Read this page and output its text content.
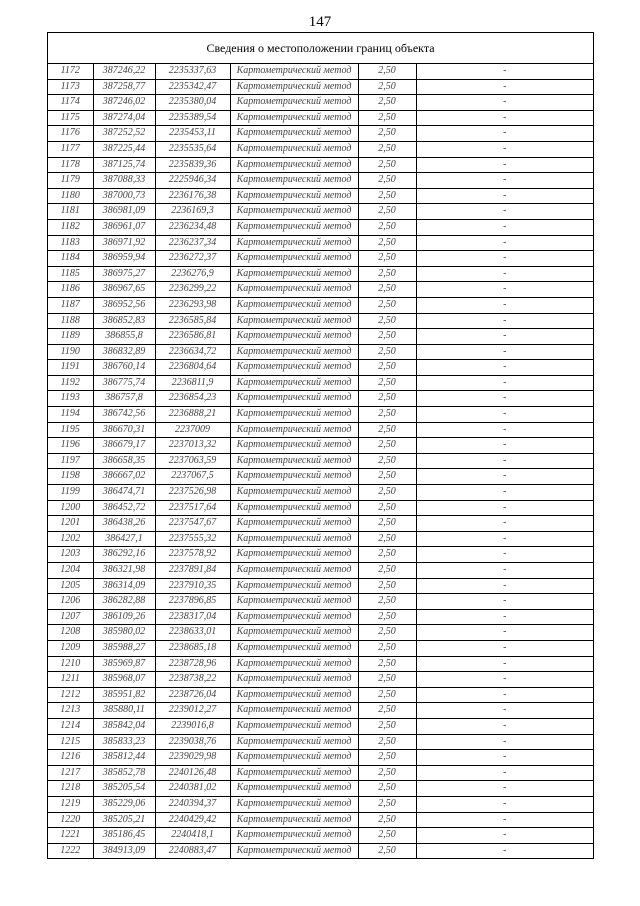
147
Сведения о местоположении границ объекта
1172	387246,22	2235337,63	Картометрический метод	2,50	-
1173	387258,77	2235342,47	Картометрический метод	2,50	-
1174	387246,02	2235380,04	Картометрический метод	2,50	-
1175	387274,04	2235389,54	Картометрический метод	2,50	-
1176	387252,52	2235453,11	Картометрический метод	2,50	-
1177	387225,44	2235535,64	Картометрический метод	2,50	-
1178	387125,74	2235839,36	Картометрический метод	2,50	-
1179	387088,33	2225946,34	Картометрический метод	2,50	-
1180	387000,73	2236176,38	Картометрический метод	2,50	-
1181	386981,09	2236169,3	Картометрический метод	2,50	-
1182	386961,07	2236234,48	Картометрический метод	2,50	-
1183	386971,92	2236237,34	Картометрический метод	2,50	-
1184	386959,94	2236272,37	Картометрический метод	2,50	-
1185	386975,27	2236276,9	Картометрический метод	2,50	-
1186	386967,65	2236299,22	Картометрический метод	2,50	-
1187	386952,56	2236293,98	Картометрический метод	2,50	-
1188	386852,83	2236585,84	Картометрический метод	2,50	-
1189	386855,8	2236586,81	Картометрический метод	2,50	-
1190	386832,89	2236634,72	Картометрический метод	2,50	-
1191	386760,14	2236804,64	Картометрический метод	2,50	-
1192	386775,74	2236811,9	Картометрический метод	2,50	-
1193	386757,8	2236854,23	Картометрический метод	2,50	-
1194	386742,56	2236888,21	Картометрический метод	2,50	-
1195	386670,31	2237009	Картометрический метод	2,50	-
1196	386679,17	2237013,32	Картометрический метод	2,50	-
1197	386658,35	2237063,59	Картометрический метод	2,50	-
1198	386667,02	2237067,5	Картометрический метод	2,50	-
1199	386474,71	2237526,98	Картометрический метод	2,50	-
1200	386452,72	2237517,64	Картометрический метод	2,50	-
1201	386438,26	2237547,67	Картометрический метод	2,50	-
1202	386427,1	2237555,32	Картометрический метод	2,50	-
1203	386292,16	2237578,92	Картометрический метод	2,50	-
1204	386321,98	2237891,84	Картометрический метод	2,50	-
1205	386314,09	2237910,35	Картометрический метод	2,50	-
1206	386282,88	2237896,85	Картометрический метод	2,50	-
1207	386109,26	2238317,04	Картометрический метод	2,50	-
1208	385980,02	2238633,01	Картометрический метод	2,50	-
1209	385988,27	2238685,18	Картометрический метод	2,50	-
1210	385969,87	2238728,96	Картометрический метод	2,50	-
1211	385968,07	2238738,22	Картометрический метод	2,50	-
1212	385951,82	2238726,04	Картометрический метод	2,50	-
1213	385880,11	2239012,27	Картометрический метод	2,50	-
1214	385842,04	2239016,8	Картометрический метод	2,50	-
1215	385833,23	2239038,76	Картометрический метод	2,50	-
1216	385812,44	2239029,98	Картометрический метод	2,50	-
1217	385852,78	2240126,48	Картометрический метод	2,50	-
1218	385205,54	2240381,02	Картометрический метод	2,50	-
1219	385229,06	2240394,37	Картометрический метод	2,50	-
1220	385205,21	2240429,42	Картометрический метод	2,50	-
1221	385186,45	2240418,1	Картометрический метод	2,50	-
1222	384913,09	2240883,47	Картометрический метод	2,50	-
